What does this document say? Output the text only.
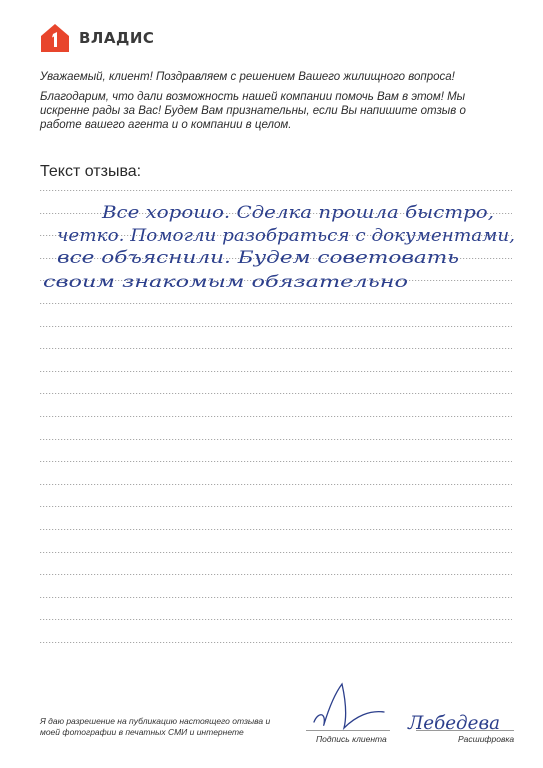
ВЛАДИС

Уважаемый, клиент! Поздравляем с решением Вашего жилищного вопроса!

Благодарим, что дали возможность нашей компании помочь Вам в этом! Мы искренне рады за Вас! Будем Вам признательны, если Вы напишите отзыв о работе вашего агента и о компании в целом.

Текст отзыва:
Все хорошо. Сделка прошла быстро,
четко. Помогли разобраться с документами,
все объяснили. Будем советовать
своим знакомым обязательно
Лебедева

Я даю разрешение на публикацию настоящего отзыва и моей фотографии в печатных СМИ и интернете

Подпись клиента	Расшифровка
